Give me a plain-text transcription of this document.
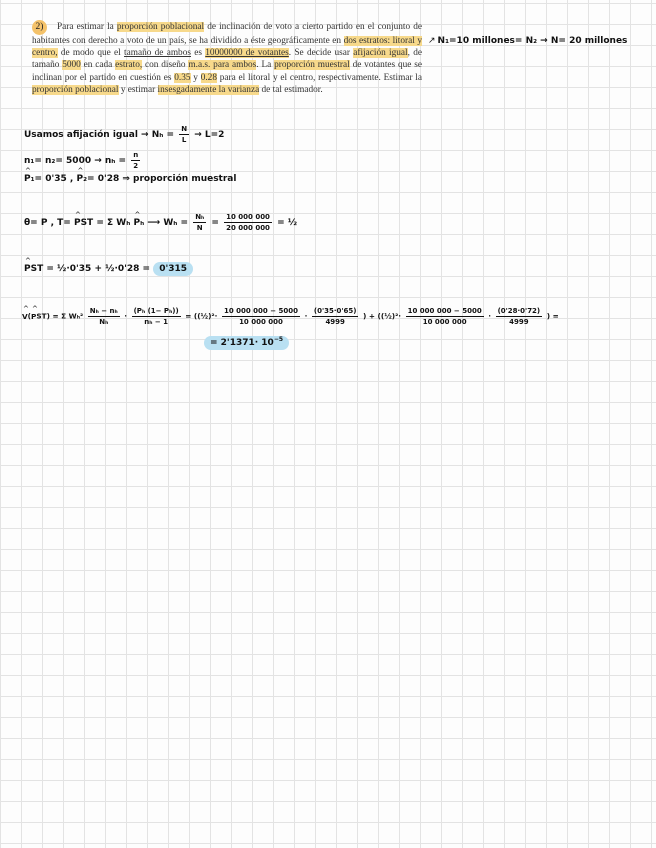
2) Para estimar la proporción poblacional de inclinación de voto a cierto partido en el conjunto de habitantes con derecho a voto de un país, se ha dividido a éste geográficamente en dos estratos: litoral y centro, de modo que el tamaño de ambos es 10000000 de votantes. Se decide usar afijación igual, de tamaño 5000 en cada estrato, con diseño m.a.s. para ambos. La proporción muestral de votantes que se inclinan por el partido en cuestión es 0.35 y 0.28 para el litoral y el centro, respectivamente. Estimar la proporción poblacional y estimar insesgadamente la varianza de tal estimador.
↗ N₁=10 millones= N₂ → N= 20 millones
Usamos afijación igual → $N_h = \frac{N}{L} \to L=2$
$n_1= n_2= 5000 \to n_h = \frac{n}{2}$
^ P₁= 0'35 , ^ P₂= 0'28 ⇒ proporción muestral
θ= P , T= ^ PST = Σ Wₕ ^ Pₕ ⟶ $W_h = \frac{\text{Nₕ}}{N} = \frac{10 000 000}{20 000 000}$ = ½
^ PST = ½·0'35 + ½·0'28 = 0'315
^ V(^ PST) = Σ $W_h^2 \frac{\text{Nₕ − nₕ}}{\text{Nₕ}} \cdot \frac{\text{(Pₕ (1− Pₕ))}}{\text{nₕ − 1}}$ = ((½)²· $\frac{10 000 000 - 5000}{10 000 000} \cdot \frac{(0'35\cdot 0'65)}{4999}$ ) + ((½)²· $\frac{10 000 000 - 5000}{10 000 000} \cdot \frac{(0'28\cdot 0'72)}{4999}$ ) =
= $2'1371\cdot 10^{-5}$
